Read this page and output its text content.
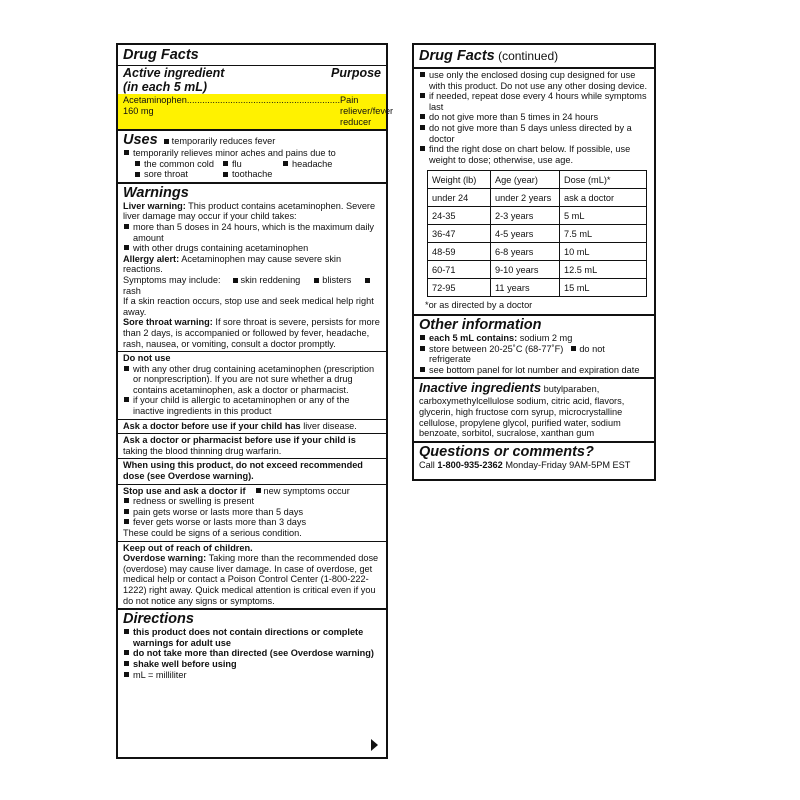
Drug Facts
Active ingredient	Purpose
(in each 5 mL)
Acetaminophen 160 mg
............................................................ Pain reliever/fever reducer
Uses temporarily reduces fever
temporarily relieves minor aches and pains due to
the common cold flu	headache
sore throat	toothache
Warnings
Liver warning: This product contains acetaminophen. Severe liver damage may occur if your child takes:
more than 5 doses in 24 hours, which is the maximum daily amount
with other drugs containing acetaminophen
Allergy alert: Acetaminophen may cause severe skin reactions.
Symptoms may include: skin reddening blistersrash
If a skin reaction occurs, stop use and seek medical help right away.
Sore throat warning: If sore throat is severe, persists for more than 2 days, is accompanied or followed by fever, headache, rash, nausea, or vomiting, consult a doctor promptly.
Do not use
with any other drug containing acetaminophen (prescription or nonprescription). If you are not sure whether a drug contains acetaminophen, ask a doctor or pharmacist.
if your child is allergic to acetaminophen or any of the inactive ingredients in this product
Ask a doctor before use if your child has liver disease.
Ask a doctor or pharmacist before use if your child is taking the blood thinning drug warfarin.
When using this product, do not exceed recommended dose (see Overdose warning).
Stop use and ask a doctor if new symptoms occur
redness or swelling is present
pain gets worse or lasts more than 5 days
fever gets worse or lasts more than 3 days
These could be signs of a serious condition.
Keep out of reach of children.
Overdose warning: Taking more than the recommended dose (overdose) may cause liver damage. In case of overdose, get medical help or contact a Poison Control Center (1-800-222-1222) right away. Quick medical attention is critical even if you do not notice any signs or symptoms.
Directions
this product does not contain directions or complete warnings for adult use
do not take more than directed (see Overdose warning)
shake well before using
mL = milliliter
Drug Facts (continued)
use only the enclosed dosing cup designed for use with this product. Do not use any other dosing device.
if needed, repeat dose every 4 hours while symptoms last
do not give more than 5 times in 24 hours
do not give more than 5 days unless directed by a doctor
find the right dose on chart below. If possible, use weight to dose; otherwise, use age.
Weight (lb)	Age (year)	Dose (mL)*
under 24	under 2 years	ask a doctor
24-35	2-3 years	5 mL
36-47	4-5 years	7.5 mL
48-59	6-8 years	10 mL
60-71	9-10 years	12.5 mL
72-95	11 years	15 mL
*or as directed by a doctor
Other information
each 5 mL contains: sodium 2 mg
store between 20-25˚C (68-77˚F) do not refrigerate
see bottom panel for lot number and expiration date
Inactive ingredients butylparaben, carboxymethylcellulose sodium, citric acid, flavors, glycerin, high fructose corn syrup, microcrystalline cellulose, propylene glycol, purified water, sodium benzoate, sorbitol, sucralose, xanthan gum
Questions or comments?
Call 1-800-935-2362 Monday-Friday 9AM-5PM EST
